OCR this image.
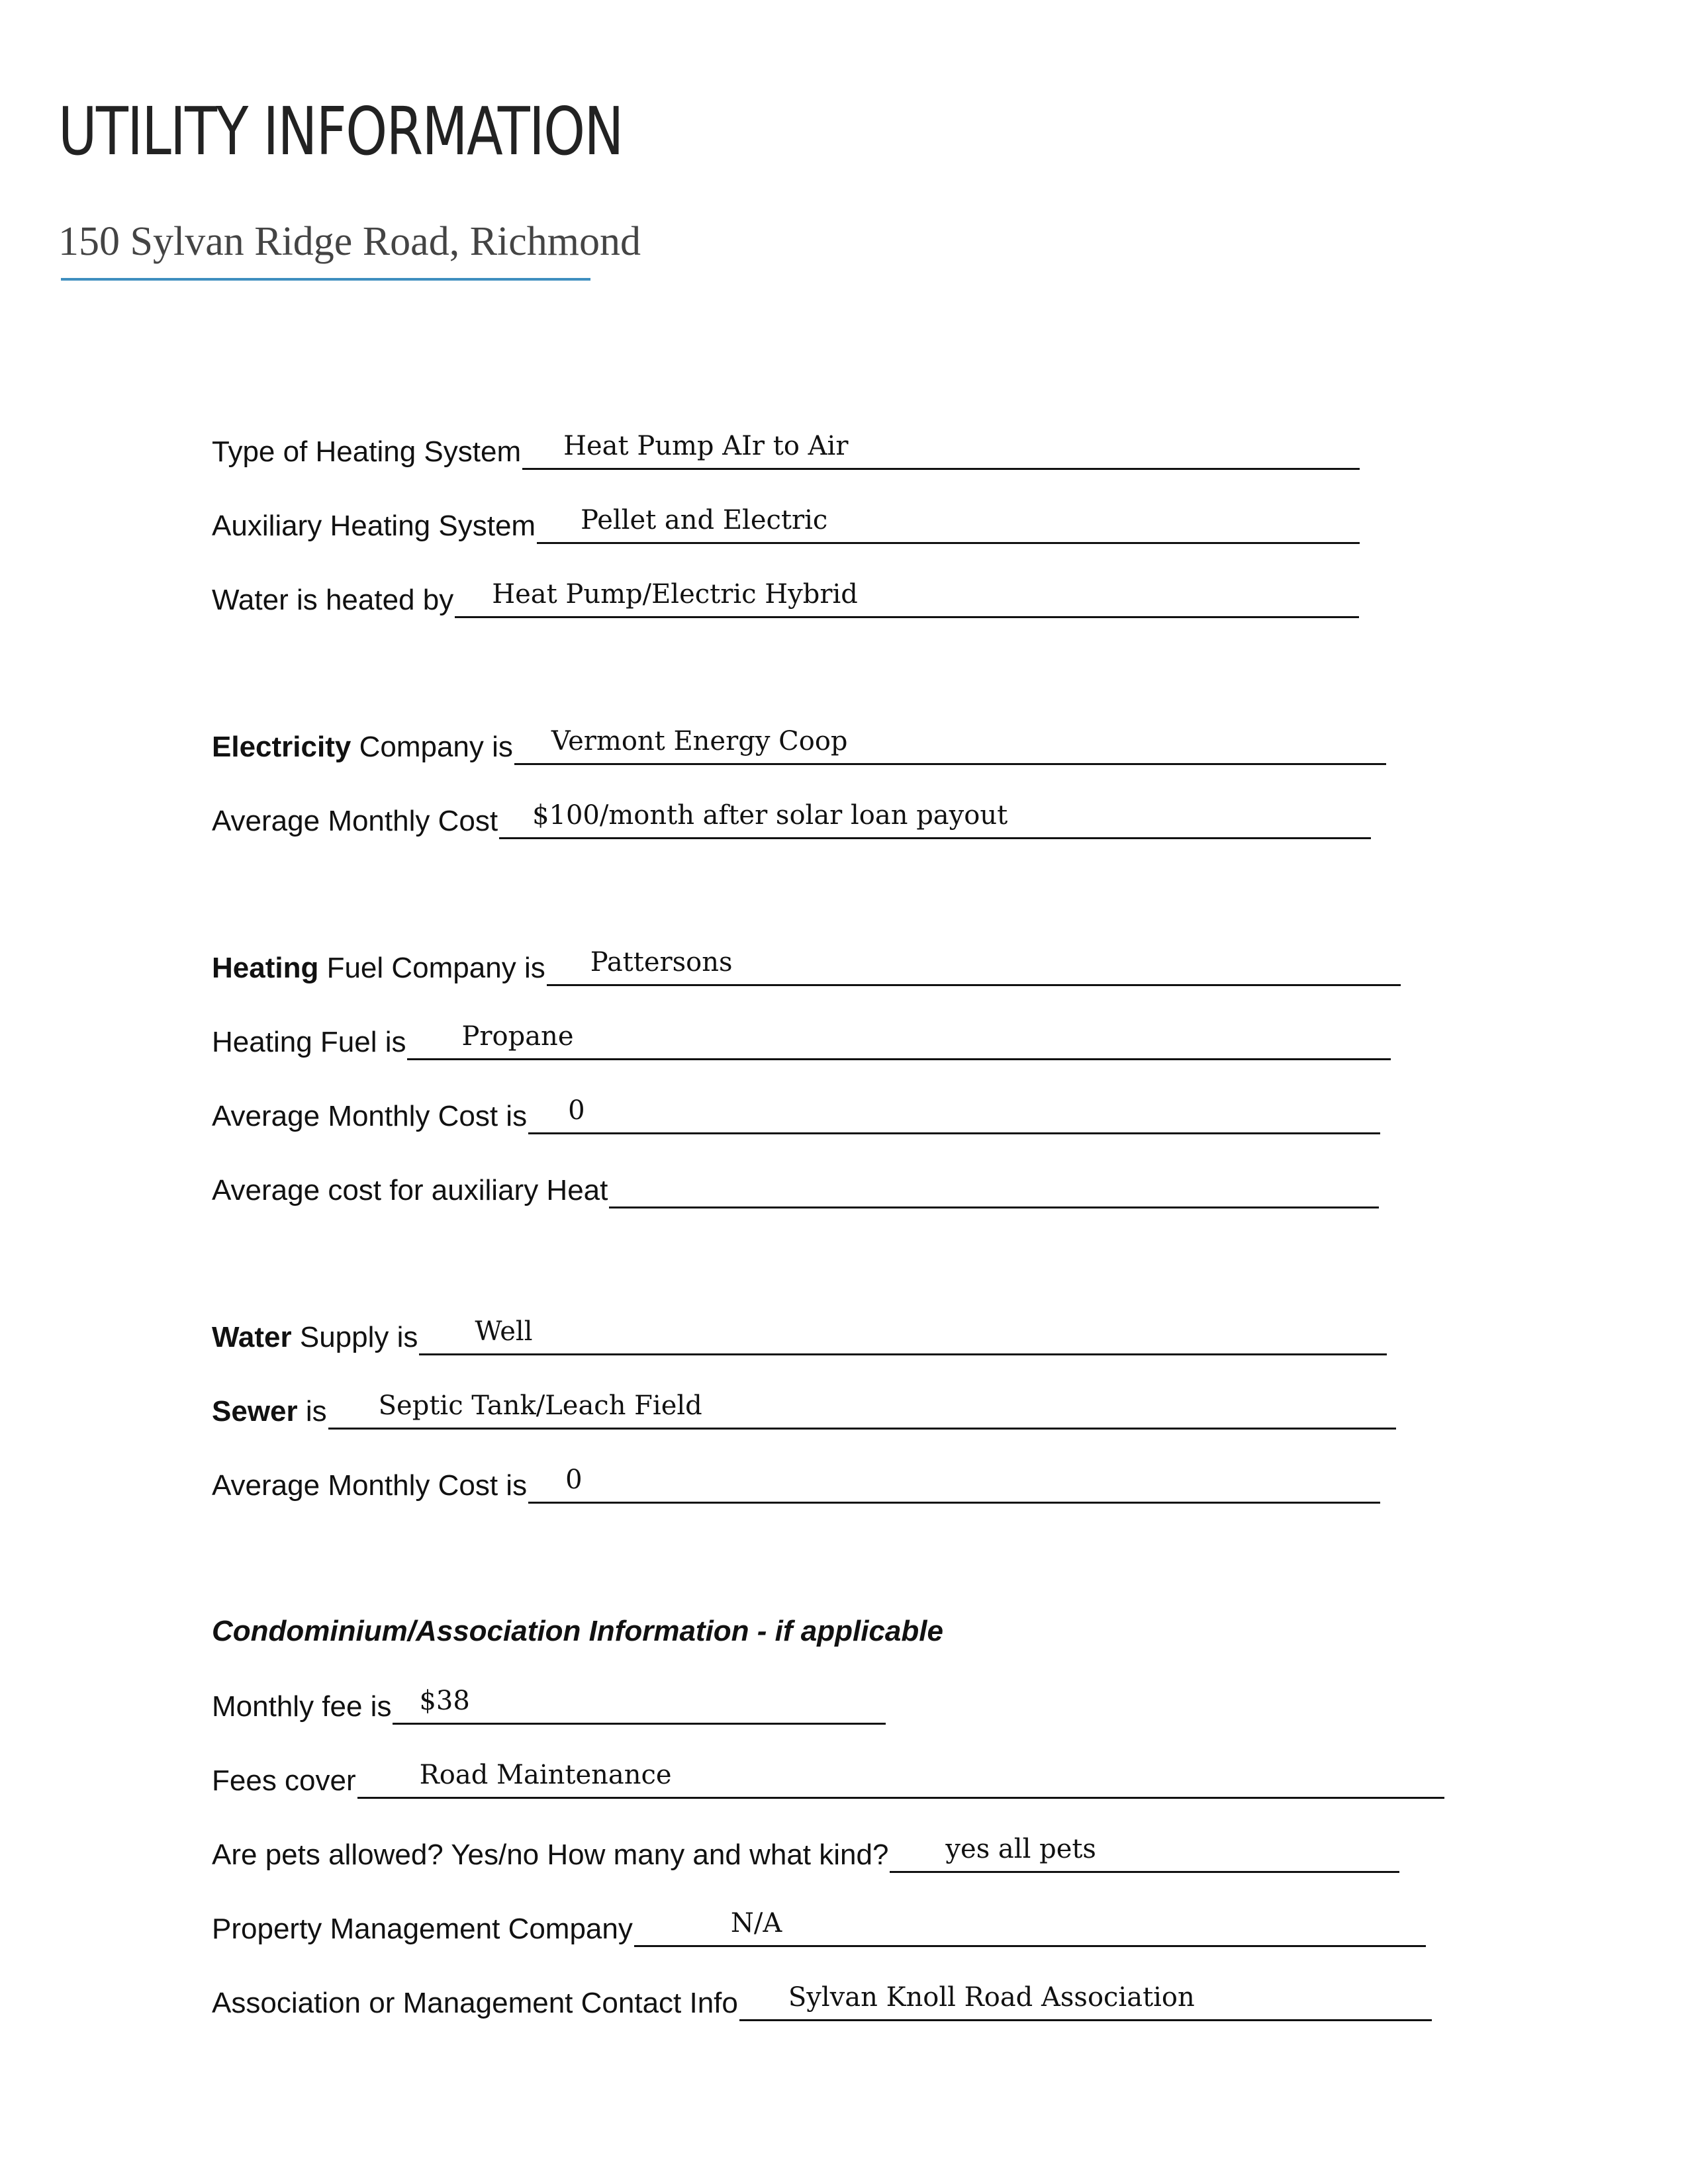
UTILITY INFORMATION
150 Sylvan Ridge Road, Richmond
Type of Heating System Heat Pump AIr to Air
Auxiliary Heating System Pellet and Electric
Water is heated by Heat Pump/Electric Hybrid
Electricity Company is Vermont Energy Coop
Average Monthly Cost $100/month after solar loan payout
Heating Fuel Company is Pattersons
Heating Fuel is Propane
Average Monthly Cost is 0
Average cost for auxiliary Heat
Water Supply is Well
Sewer is Septic Tank/Leach Field
Average Monthly Cost is 0
Condominium/Association Information - if applicable
Monthly fee is $38
Fees cover Road Maintenance
Are pets allowed? Yes/no How many and what kind? yes all pets
Property Management Company	N/A
Association or Management Contact Info Sylvan Knoll Road Association
